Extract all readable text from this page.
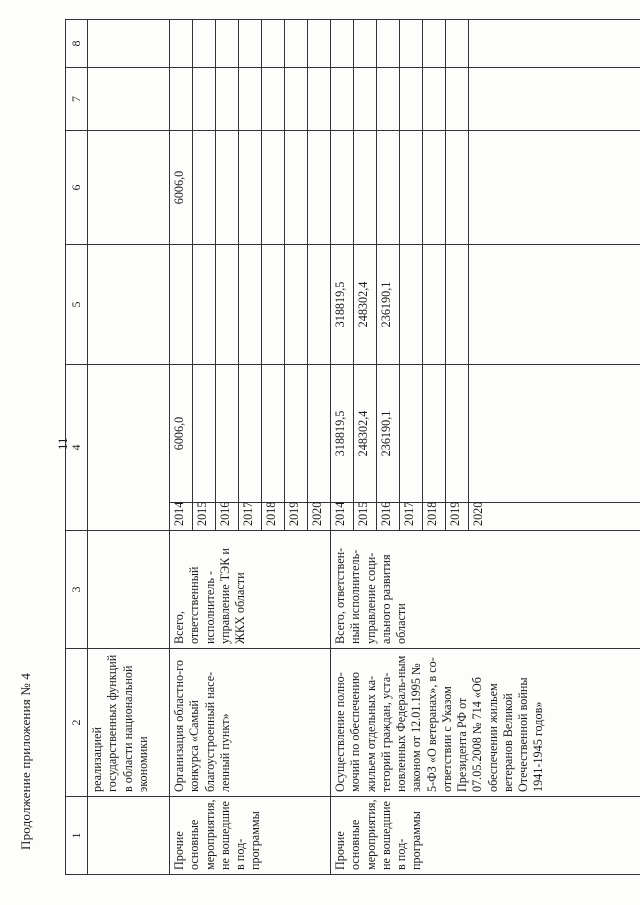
Продолжение приложения № 4
11
1	2	3	4		5	6	7	8
	реализацией государственных функций в области национальной экономики							
Прочие основные мероприятия, не вошедшие в под-программы	Организация областно-го конкурса «Самый благоустроенный насе-ленный пункт»	Всего, ответственный исполнитель - управление ТЭК и ЖКХ области	2014	6006,0		6006,0		
			2015					
			2016					
			2017					
			2018					
			2019					
			2020					
Прочие основные мероприятия, не вошедшие в под-программы	Осуществление полно-мочий по обеспечению жильем отдельных ка-тегорий граждан, уста-новленных Федераль-ным законом от 12.01.1995 № 5-ФЗ «О ветеранах», в со-ответствии с Указом Президента РФ от 07.05.2008 № 714 «Об обеспечении жильем ветеранов Великой Отечественной войны 1941-1945 годов»	Всего, ответствен-ный исполнитель-управление соци-ального развития области	2014	318819,5	318819,5			
			2015	248302,4	248302,4			
			2016	236190,1	236190,1			
			2017					
			2018					
			2019					
			2020					
